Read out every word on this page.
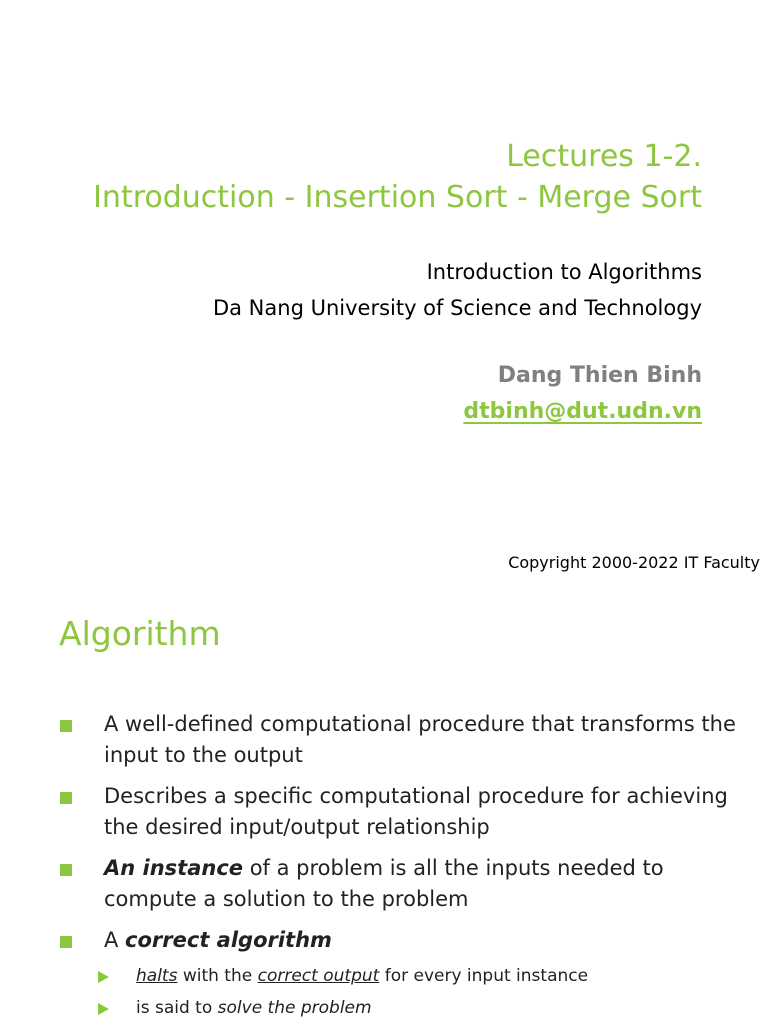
Lectures 1-2.
Introduction - Insertion Sort - Merge Sort
Introduction to Algorithms
Da Nang University of Science and Technology
Dang Thien Binh
dtbinh@dut.udn.vn
Copyright 2000-2022 IT Faculty
Algorithm
A well-defined computational procedure that transforms the input to the output
Describes a specific computational procedure for achieving the desired input/output relationship
An instance of a problem is all the inputs needed to compute a solution to the problem
A correct algorithm
halts with the correct output for every input instance
is said to solve the problem
